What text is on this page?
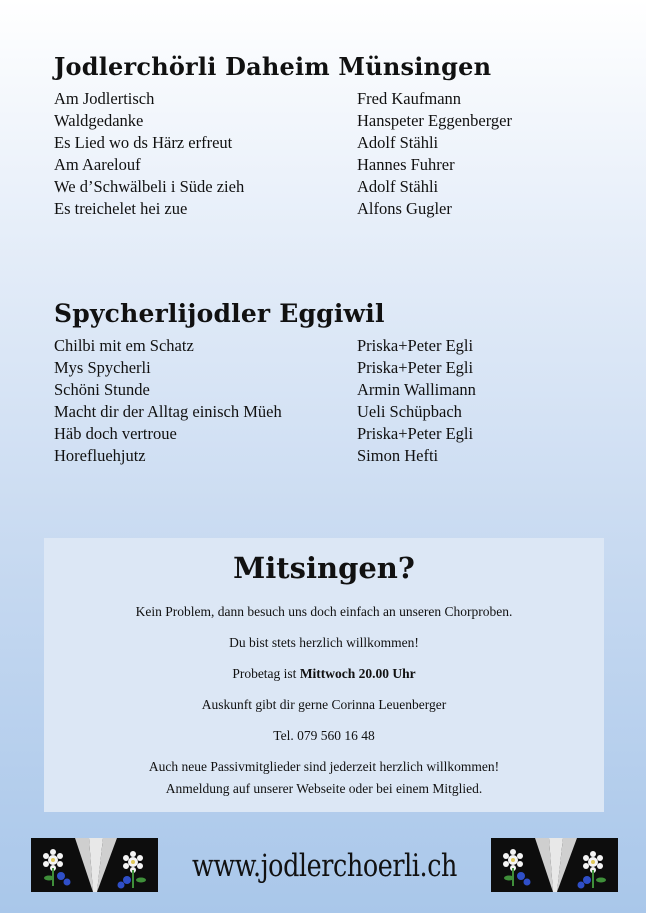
Jodlerchörli Daheim Münsingen
Am Jodlertisch	Fred Kaufmann
Waldgedanke	Hanspeter Eggenberger
Es Lied wo ds Härz erfreut	Adolf Stähli
Am Aarelouf	Hannes Fuhrer
We d’Schwälbeli i Süde zieh	Adolf Stähli
Es treichelet hei zue	Alfons Gugler
Spycherlijodler Eggiwil
Chilbi mit em Schatz	Priska+Peter Egli
Mys Spycherli	Priska+Peter Egli
Schöni Stunde	Armin Wallimann
Macht dir der Alltag einisch Müeh	Ueli Schüpbach
Häb doch vertroue	Priska+Peter Egli
Horefluehjutz	Simon Hefti
Mitsingen?

Kein Problem, dann besuch uns doch einfach an unseren Chorproben.

Du bist stets herzlich willkommen!

Probetag ist Mittwoch 20.00 Uhr

Auskunft gibt dir gerne Corinna Leuenberger

Tel. 079 560 16 48

Auch neue Passivmitglieder sind jederzeit herzlich willkommen!

Anmeldung auf unserer Webseite oder bei einem Mitglied.

www.jodlerchoerli.ch
